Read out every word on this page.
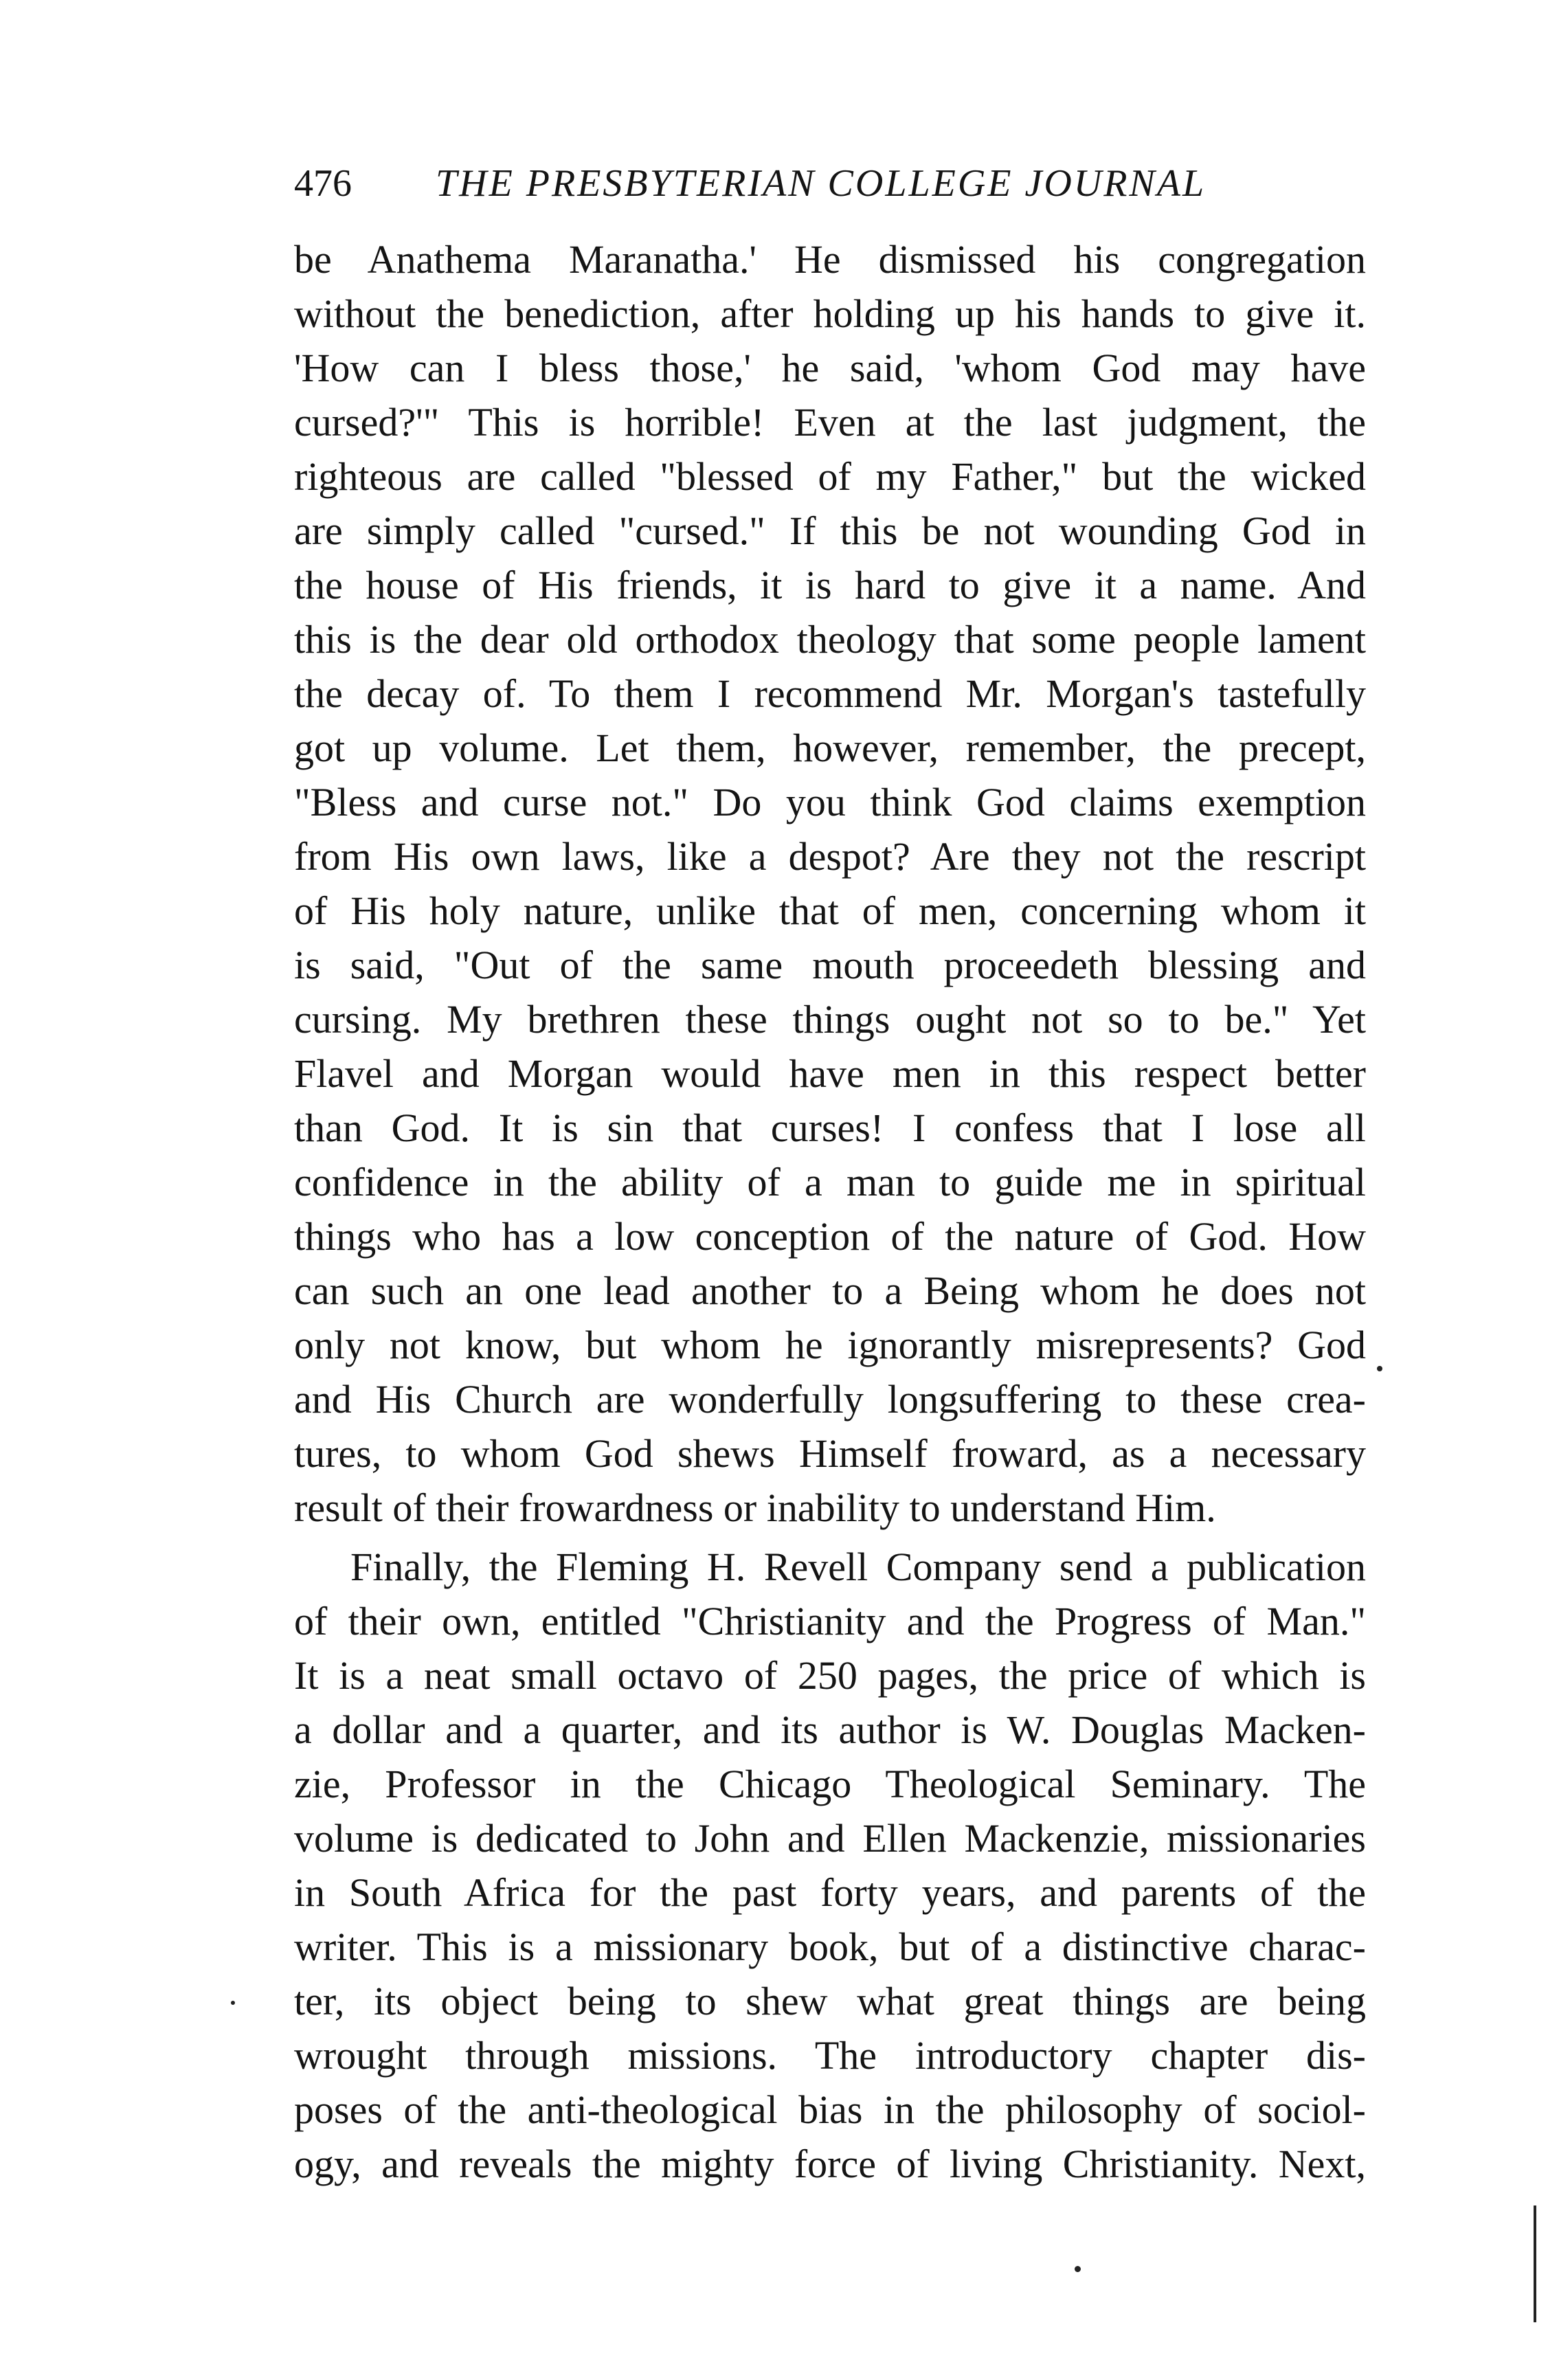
476 THE PRESBYTERIAN COLLEGE JOURNAL
be Anathema Maranatha.' He dismissed his congregation
without the benediction, after holding up his hands to give it.
'How can I bless those,' he said, 'whom God may have
cursed?'" This is horrible! Even at the last judgment, the
righteous are called "blessed of my Father," but the wicked
are simply called "cursed." If this be not wounding God in
the house of His friends, it is hard to give it a name. And
this is the dear old orthodox theology that some people lament
the decay of. To them I recommend Mr. Morgan's tastefully
got up volume. Let them, however, remember, the precept,
"Bless and curse not." Do you think God claims exemption
from His own laws, like a despot? Are they not the rescript
of His holy nature, unlike that of men, concerning whom it
is said, "Out of the same mouth proceedeth blessing and
cursing. My brethren these things ought not so to be." Yet
Flavel and Morgan would have men in this respect better
than God. It is sin that curses! I confess that I lose all
confidence in the ability of a man to guide me in spiritual
things who has a low conception of the nature of God. How
can such an one lead another to a Being whom he does not
only not know, but whom he ignorantly misrepresents? God
and His Church are wonderfully longsuffering to these crea-
tures, to whom God shews Himself froward, as a necessary
result of their frowardness or inability to understand Him.
Finally, the Fleming H. Revell Company send a publication
of their own, entitled "Christianity and the Progress of Man."
It is a neat small octavo of 250 pages, the price of which is
a dollar and a quarter, and its author is W. Douglas Macken-
zie, Professor in the Chicago Theological Seminary. The
volume is dedicated to John and Ellen Mackenzie, missionaries
in South Africa for the past forty years, and parents of the
writer. This is a missionary book, but of a distinctive charac-
ter, its object being to shew what great things are being
wrought through missions. The introductory chapter dis-
poses of the anti-theological bias in the philosophy of sociol-
ogy, and reveals the mighty force of living Christianity. Next,
